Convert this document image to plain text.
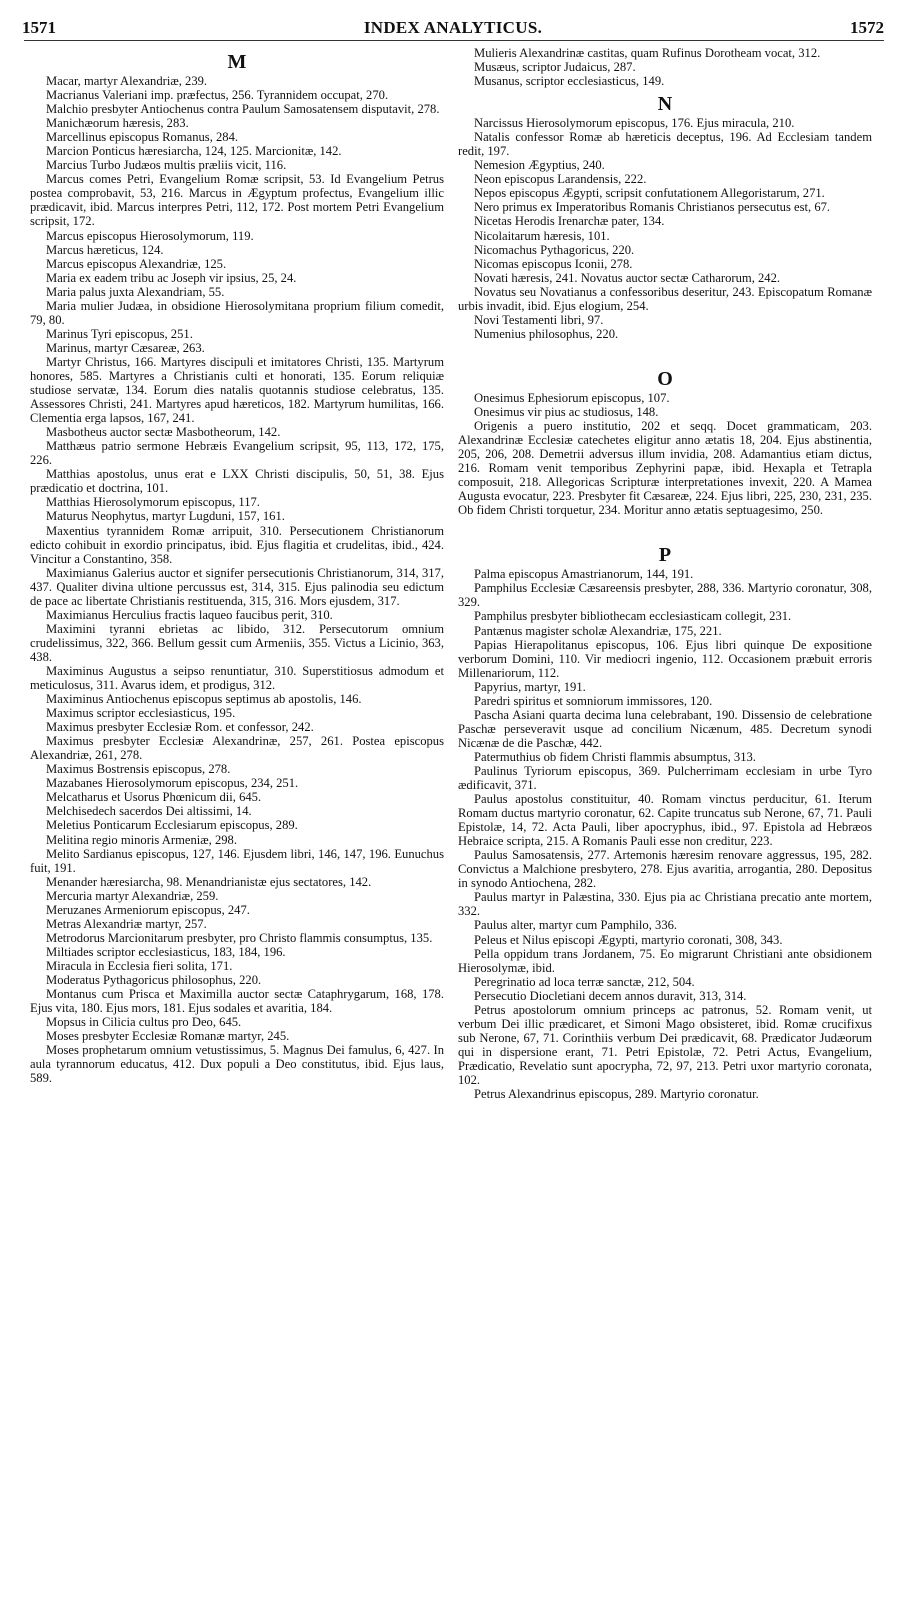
1571	INDEX ANALYTICUS.	1572
M

Macar, martyr Alexandriæ, 239.

Macrianus Valeriani imp. præfectus, 256. Tyrannidem occupat, 270.

Malchio presbyter Antiochenus contra Paulum Samosatensem disputavit, 278.

Manichæorum hæresis, 283.

Marcellinus episcopus Romanus, 284.

Marcion Ponticus hæresiarcha, 124, 125. Marcionitæ, 142.

Marcius Turbo Judæos multis præliis vicit, 116.

Marcus comes Petri, Evangelium Romæ scripsit, 53. Id Evangelium Petrus postea comprobavit, 53, 216. Marcus in Ægyptum profectus, Evangelium illic prædicavit, ibid. Marcus interpres Petri, 112, 172. Post mortem Petri Evangelium scripsit, 172.

Marcus episcopus Hierosolymorum, 119.

Marcus hæreticus, 124.

Marcus episcopus Alexandriæ, 125.

Maria ex eadem tribu ac Joseph vir ipsius, 25, 24.

Maria palus juxta Alexandriam, 55.

Maria mulier Judæa, in obsidione Hierosolymitana proprium filium comedit, 79, 80.

Marinus Tyri episcopus, 251.

Marinus, martyr Cæsareæ, 263.

Martyr Christus, 166. Martyres discipuli et imitatores Christi, 135. Martyrum honores, 585. Martyres a Christianis culti et honorati, 135. Eorum reliquiæ studiose servatæ, 134. Eorum dies natalis quotannis studiose celebratus, 135. Assessores Christi, 241. Martyres apud hæreticos, 182. Martyrum humilitas, 166. Clementia erga lapsos, 167, 241.

Masbotheus auctor sectæ Masbotheorum, 142.

Matthæus patrio sermone Hebræis Evangelium scripsit, 95, 113, 172, 175, 226.

Matthias apostolus, unus erat e LXX Christi discipulis, 50, 51, 38. Ejus prædicatio et doctrina, 101.

Matthias Hierosolymorum episcopus, 117.

Maturus Neophytus, martyr Lugduni, 157, 161.

Maxentius tyrannidem Romæ arripuit, 310. Persecutionem Christianorum edicto cohibuit in exordio principatus, ibid. Ejus flagitia et crudelitas, ibid., 424. Vincitur a Constantino, 358.

Maximianus Galerius auctor et signifer persecutionis Christianorum, 314, 317, 437. Qualiter divina ultione percussus est, 314, 315. Ejus palinodia seu edictum de pace ac libertate Christianis restituenda, 315, 316. Mors ejusdem, 317.

Maximianus Herculius fractis laqueo faucibus perit, 310.

Maximini tyranni ebrietas ac libido, 312. Persecutorum omnium crudelissimus, 322, 366. Bellum gessit cum Armeniis, 355. Victus a Licinio, 363, 438.

Maximinus Augustus a seipso renuntiatur, 310. Superstitiosus admodum et meticulosus, 311. Avarus idem, et prodigus, 312.

Maximinus Antiochenus episcopus septimus ab apostolis, 146.

Maximus scriptor ecclesiasticus, 195.

Maximus presbyter Ecclesiæ Rom. et confessor, 242.

Maximus presbyter Ecclesiæ Alexandrinæ, 257, 261. Postea episcopus Alexandriæ, 261, 278.

Maximus Bostrensis episcopus, 278.

Mazabanes Hierosolymorum episcopus, 234, 251.

Melcatharus et Usorus Phœnicum dii, 645.

Melchisedech sacerdos Dei altissimi, 14.

Meletius Ponticarum Ecclesiarum episcopus, 289.

Melitina regio minoris Armeniæ, 298.

Melito Sardianus episcopus, 127, 146. Ejusdem libri, 146, 147, 196. Eunuchus fuit, 191.

Menander hæresiarcha, 98. Menandrianistæ ejus sectatores, 142.

Mercuria martyr Alexandriæ, 259.

Meruzanes Armeniorum episcopus, 247.

Metras Alexandriæ martyr, 257.

Metrodorus Marcionitarum presbyter, pro Christo flammis consumptus, 135.

Miltiades scriptor ecclesiasticus, 183, 184, 196.

Miracula in Ecclesia fieri solita, 171.

Moderatus Pythagoricus philosophus, 220.

Montanus cum Prisca et Maximilla auctor sectæ Cataphrygarum, 168, 178. Ejus vita, 180. Ejus mors, 181. Ejus sodales et avaritia, 184.

Mopsus in Cilicia cultus pro Deo, 645.

Moses presbyter Ecclesiæ Romanæ martyr, 245.

Moses prophetarum omnium vetustissimus, 5. Magnus Dei famulus, 6, 427. In aula tyrannorum educatus, 412. Dux populi a Deo constitutus, ibid. Ejus laus, 589.

Mulieris Alexandrinæ castitas, quam Rufinus Dorotheam vocat, 312.

Musæus, scriptor Judaicus, 287.

Musanus, scriptor ecclesiasticus, 149.

N

Narcissus Hierosolymorum episcopus, 176. Ejus miracula, 210.

Natalis confessor Romæ ab hæreticis deceptus, 196. Ad Ecclesiam tandem redit, 197.

Nemesion Ægyptius, 240.

Neon episcopus Larandensis, 222.

Nepos episcopus Ægypti, scripsit confutationem Allegoristarum, 271.

Nero primus ex Imperatoribus Romanis Christianos persecutus est, 67.

Nicetas Herodis Irenarchæ pater, 134.

Nicolaitarum hæresis, 101.

Nicomachus Pythagoricus, 220.

Nicomas episcopus Iconii, 278.

Novati hæresis, 241. Novatus auctor sectæ Catharorum, 242.

Novatus seu Novatianus a confessoribus deseritur, 243. Episcopatum Romanæ urbis invadit, ibid. Ejus elogium, 254.

Novi Testamenti libri, 97.

Numenius philosophus, 220.

O

Onesimus Ephesiorum episcopus, 107.

Onesimus vir pius ac studiosus, 148.

Origenis a puero institutio, 202 et seqq. Docet grammaticam, 203. Alexandrinæ Ecclesiæ catechetes eligitur anno ætatis 18, 204. Ejus abstinentia, 205, 206, 208. Demetrii adversus illum invidia, 208. Adamantius etiam dictus, 216. Romam venit temporibus Zephyrini papæ, ibid. Hexapla et Tetrapla composuit, 218. Allegoricas Scripturæ interpretationes invexit, 220. A Mamea Augusta evocatur, 223. Presbyter fit Cæsareæ, 224. Ejus libri, 225, 230, 231, 235. Ob fidem Christi torquetur, 234. Moritur anno ætatis septuagesimo, 250.

P

Palma episcopus Amastrianorum, 144, 191.

Pamphilus Ecclesiæ Cæsareensis presbyter, 288, 336. Martyrio coronatur, 308, 329.

Pamphilus presbyter bibliothecam ecclesiasticam collegit, 231.

Pantænus magister scholæ Alexandriæ, 175, 221.

Papias Hierapolitanus episcopus, 106. Ejus libri quinque De expositione verborum Domini, 110. Vir mediocri ingenio, 112. Occasionem præbuit erroris Millenariorum, 112.

Papyrius, martyr, 191.

Paredri spiritus et somniorum immissores, 120.

Pascha Asiani quarta decima luna celebrabant, 190. Dissensio de celebratione Paschæ perseveravit usque ad concilium Nicænum, 485. Decretum synodi Nicænæ de die Paschæ, 442.

Patermuthius ob fidem Christi flammis absumptus, 313.

Paulinus Tyriorum episcopus, 369. Pulcherrimam ecclesiam in urbe Tyro ædificavit, 371.

Paulus apostolus constituitur, 40. Romam vinctus perducitur, 61. Iterum Romam ductus martyrio coronatur, 62. Capite truncatus sub Nerone, 67, 71. Pauli Epistolæ, 14, 72. Acta Pauli, liber apocryphus, ibid., 97. Epistola ad Hebræos Hebraice scripta, 215. A Romanis Pauli esse non creditur, 223.

Paulus Samosatensis, 277. Artemonis hæresim renovare aggressus, 195, 282. Convictus a Malchione presbytero, 278. Ejus avaritia, arrogantia, 280. Depositus in synodo Antiochena, 282.

Paulus martyr in Palæstina, 330. Ejus pia ac Christiana precatio ante mortem, 332.

Paulus alter, martyr cum Pamphilo, 336.

Peleus et Nilus episcopi Ægypti, martyrio coronati, 308, 343.

Pella oppidum trans Jordanem, 75. Eo migrarunt Christiani ante obsidionem Hierosolymæ, ibid.

Peregrinatio ad loca terræ sanctæ, 212, 504.

Persecutio Diocletiani decem annos duravit, 313, 314.

Petrus apostolorum omnium princeps ac patronus, 52. Romam venit, ut verbum Dei illic prædicaret, et Simoni Mago obsisteret, ibid. Romæ crucifixus sub Nerone, 67, 71. Corinthiis verbum Dei prædicavit, 68. Prædicator Judæorum qui in dispersione erant, 71. Petri Epistolæ, 72. Petri Actus, Evangelium, Prædicatio, Revelatio sunt apocrypha, 72, 97, 213. Petri uxor martyrio coronata, 102.

Petrus Alexandrinus episcopus, 289. Martyrio coronatur.
